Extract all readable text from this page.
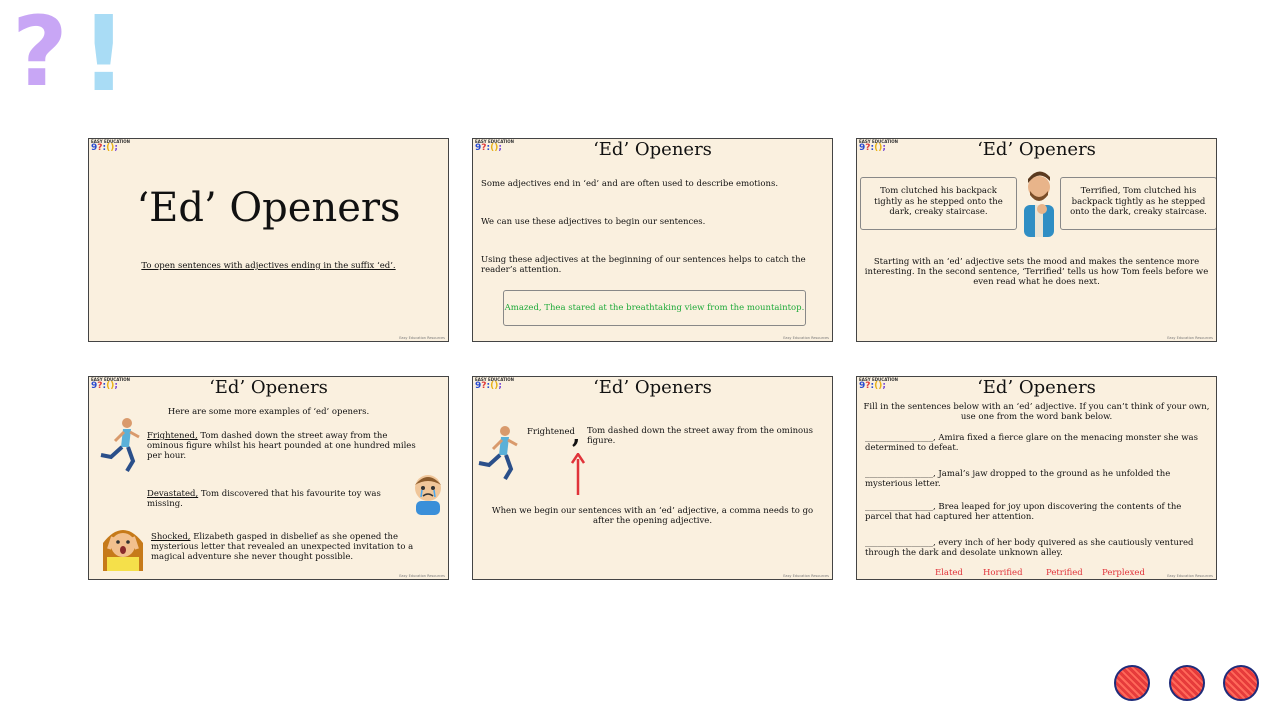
? !
EASY EDUCATION
9?:();
‘Ed’ Openers
To open sentences with adjectives ending in the suffix ‘ed’.
Easy Education Resources
EASY EDUCATION
9?:();	‘Ed’ Openers
Some adjectives end in ‘ed’ and are often used to describe emotions.
We can use these adjectives to begin our sentences.
Using these adjectives at the beginning of our sentences helps to catch the reader’s attention.
Amazed, Thea stared at the breathtaking view from the mountaintop.
Easy Education Resources
EASY EDUCATION
9?:();	‘Ed’ Openers
Tom clutched his backpack tightly as he stepped onto the dark, creaky staircase.
Terrified, Tom clutched his backpack tightly as he stepped onto the dark, creaky staircase.
Starting with an ‘ed’ adjective sets the mood and makes the sentence more interesting. In the second sentence, ‘Terrified’ tells us how Tom feels before we even read what he does next.
Easy Education Resources
EASY EDUCATION
9?:();	‘Ed’ Openers
Here are some more examples of ‘ed’ openers.
Frightened, Tom dashed down the street away from the ominous figure whilst his heart pounded at one hundred miles per hour.
Devastated, Tom discovered that his favourite toy was missing.
Shocked, Elizabeth gasped in disbelief as she opened the mysterious letter that revealed an unexpected invitation to a magical adventure she never thought possible.
Easy Education Resources
EASY EDUCATION
9?:();	‘Ed’ Openers
Frightened
, Tom dashed down the street away from the ominous figure.
When we begin our sentences with an ‘ed’ adjective, a comma needs to go after the opening adjective.
Easy Education Resources
EASY EDUCATION
9?:();	‘Ed’ Openers
Fill in the sentences below with an ‘ed’ adjective. If you can’t think of your own, use one from the word bank below.
________________, Amira fixed a fierce glare on the menacing monster she was determined to defeat.
________________, Jamal’s jaw dropped to the ground as he unfolded the mysterious letter.
________________, Brea leaped for joy upon discovering the contents of the parcel that had captured her attention.
________________, every inch of her body quivered as she cautiously ventured through the dark and desolate unknown alley.
Elated Horrified	Petrified Perplexed	Easy Education Resources
